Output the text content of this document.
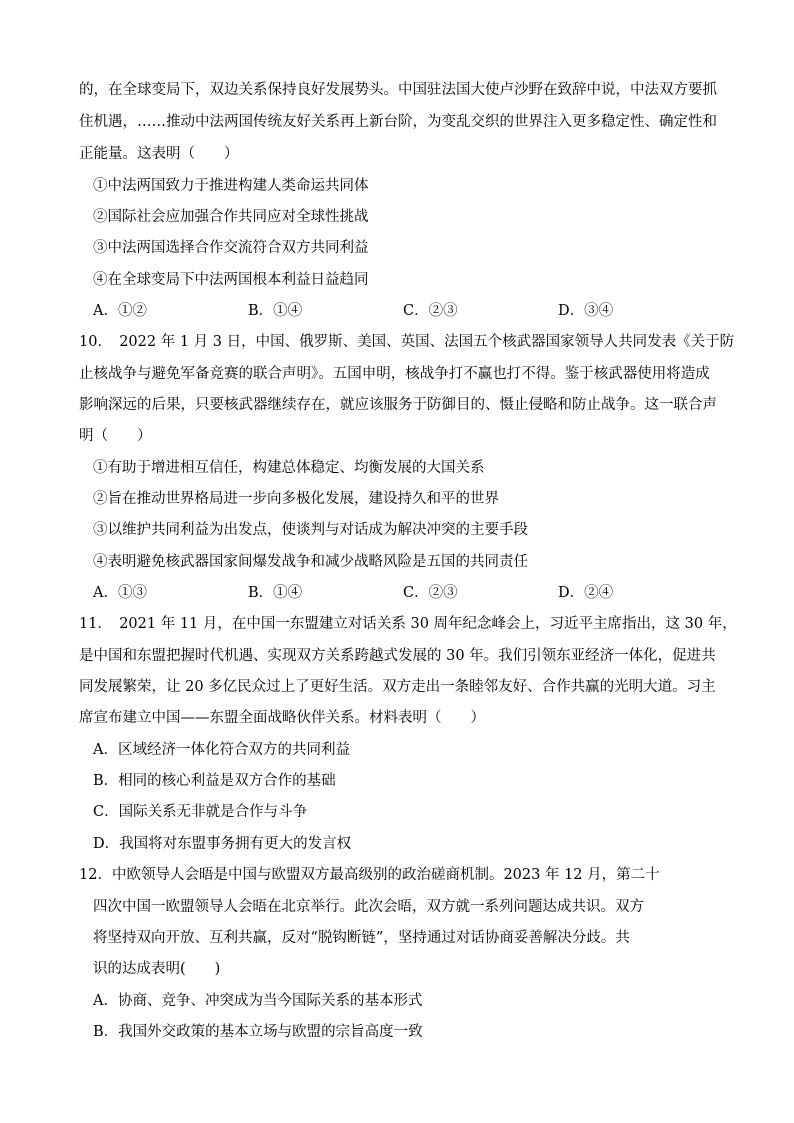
的，在全球变局下，双边关系保持良好发展势头。中国驻法国大使卢沙野在致辞中说，中法双方要抓
住机遇，……推动中法两国传统友好关系再上新台阶，为变乱交织的世界注入更多稳定性、确定性和
正能量。这表明（　　）
①中法两国致力于推进构建人类命运共同体
②国际社会应加强合作共同应对全球性挑战
③中法两国选择合作交流符合双方共同利益
④在全球变局下中法两国根本利益日益趋同
A．①②	B．①④	C．②③	D．③④
10．　2022 年 1 月 3 日，中国、俄罗斯、美国、英国、法国五个核武器国家领导人共同发表《关于防
止核战争与避免军备竞赛的联合声明》。五国申明，核战争打不赢也打不得。鉴于核武器使用将造成
影响深远的后果，只要核武器继续存在，就应该服务于防御目的、慑止侵略和防止战争。这一联合声
明（　　）
①有助于增进相互信任，构建总体稳定、均衡发展的大国关系
②旨在推动世界格局进一步向多极化发展，建设持久和平的世界
③以维护共同利益为出发点，使谈判与对话成为解决冲突的主要手段
④表明避免核武器国家间爆发战争和减少战略风险是五国的共同责任
A．①③	B．①④	C．②③	D．②④
11．　2021 年 11 月，在中国一东盟建立对话关系 30 周年纪念峰会上，习近平主席指出，这 30 年，
是中国和东盟把握时代机遇、实现双方关系跨越式发展的 30 年。我们引领东亚经济一体化，促进共
同发展繁荣，让 20 多亿民众过上了更好生活。双方走出一条睦邻友好、合作共赢的光明大道。习主
席宣布建立中国——东盟全面战略伙伴关系。材料表明（　　）
A．区域经济一体化符合双方的共同利益
B．相同的核心利益是双方合作的基础
C．国际关系无非就是合作与斗争
D．我国将对东盟事务拥有更大的发言权
12．中欧领导人会晤是中国与欧盟双方最高级别的政治磋商机制。2023 年 12 月，第二十
四次中国一欧盟领导人会晤在北京举行。此次会晤，双方就一系列问题达成共识。双方
将坚持双向开放、互利共赢，反对“脱钩断链”，坚持通过对话协商妥善解决分歧。共
识的达成表明(　　)
A．协商、竞争、冲突成为当今国际关系的基本形式
B．我国外交政策的基本立场与欧盟的宗旨高度一致
